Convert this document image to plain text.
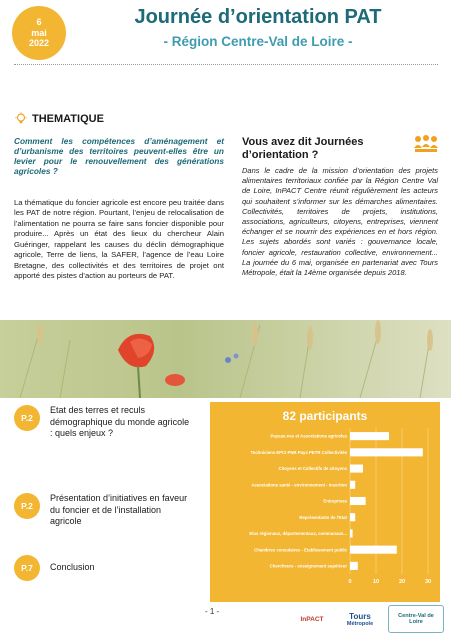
6
mai
2022
Journée d’orientation PAT
- Région Centre-Val de Loire -
THEMATIQUE
Comment les compétences d’aménagement et d’urbanisme des territoires peuvent-elles être un levier pour le renouvellement des générations agricoles ?
La thématique du foncier agricole est encore peu traitée dans les PAT de notre région. Pourtant, l’enjeu de relocalisation de l’alimentation ne pourra se faire sans foncier disponible pour produire... Après un état des lieux du chercheur Alain Guéringer, rappelant les causes du déclin démographique agricole, Terre de liens, la SAFER, l’agence de l’eau Loire Bretagne, des collectivités et des territoires de projet ont apporté des pistes d’action au porteurs de PAT.
Vous avez dit Journées d’orientation ?
Dans le cadre de la mission d’orientation des projets alimentaires territoriaux confiée par la Région Centre Val de Loire, InPACT Centre réunit régulièrement les acteurs qui souhaitent s’informer sur les démarches alimentaires. Collectivités, territoires de projets, institutions, associations, agriculteurs, citoyens, entreprises, viennent échanger et se nourrir des expériences en et hors région. Les sujets abordés sont variés : gouvernance locale, foncier agricole, restauration collective, environnement... La journée du 6 mai, organisée en partenariat avec Tours Métropole, était la 14ème organisée depuis 2018.
P.2
Etat des terres et reculs démographique du monde agricole : quels enjeux ?
P.2
Présentation d’initiatives en faveur du foncier et de l’installation agricole
P.7	Conclusion
82 participants
0	10	20	30
Paysan.nes et Associations agricoles
Techniciens EPCI PNR Pays PETR Collectivités
Citoyens et Collectifs de citoyens
Associations santé - environnement - insertion
Entreprises
Représentants de l'Etat
Elus régionaux, départementaux, communaux...
Chambres consulaires - Etablissement public
Chercheurs - enseignement supérieur
- 1 -
InPACT	Tours
Métropole
Centre-Val de Loire
